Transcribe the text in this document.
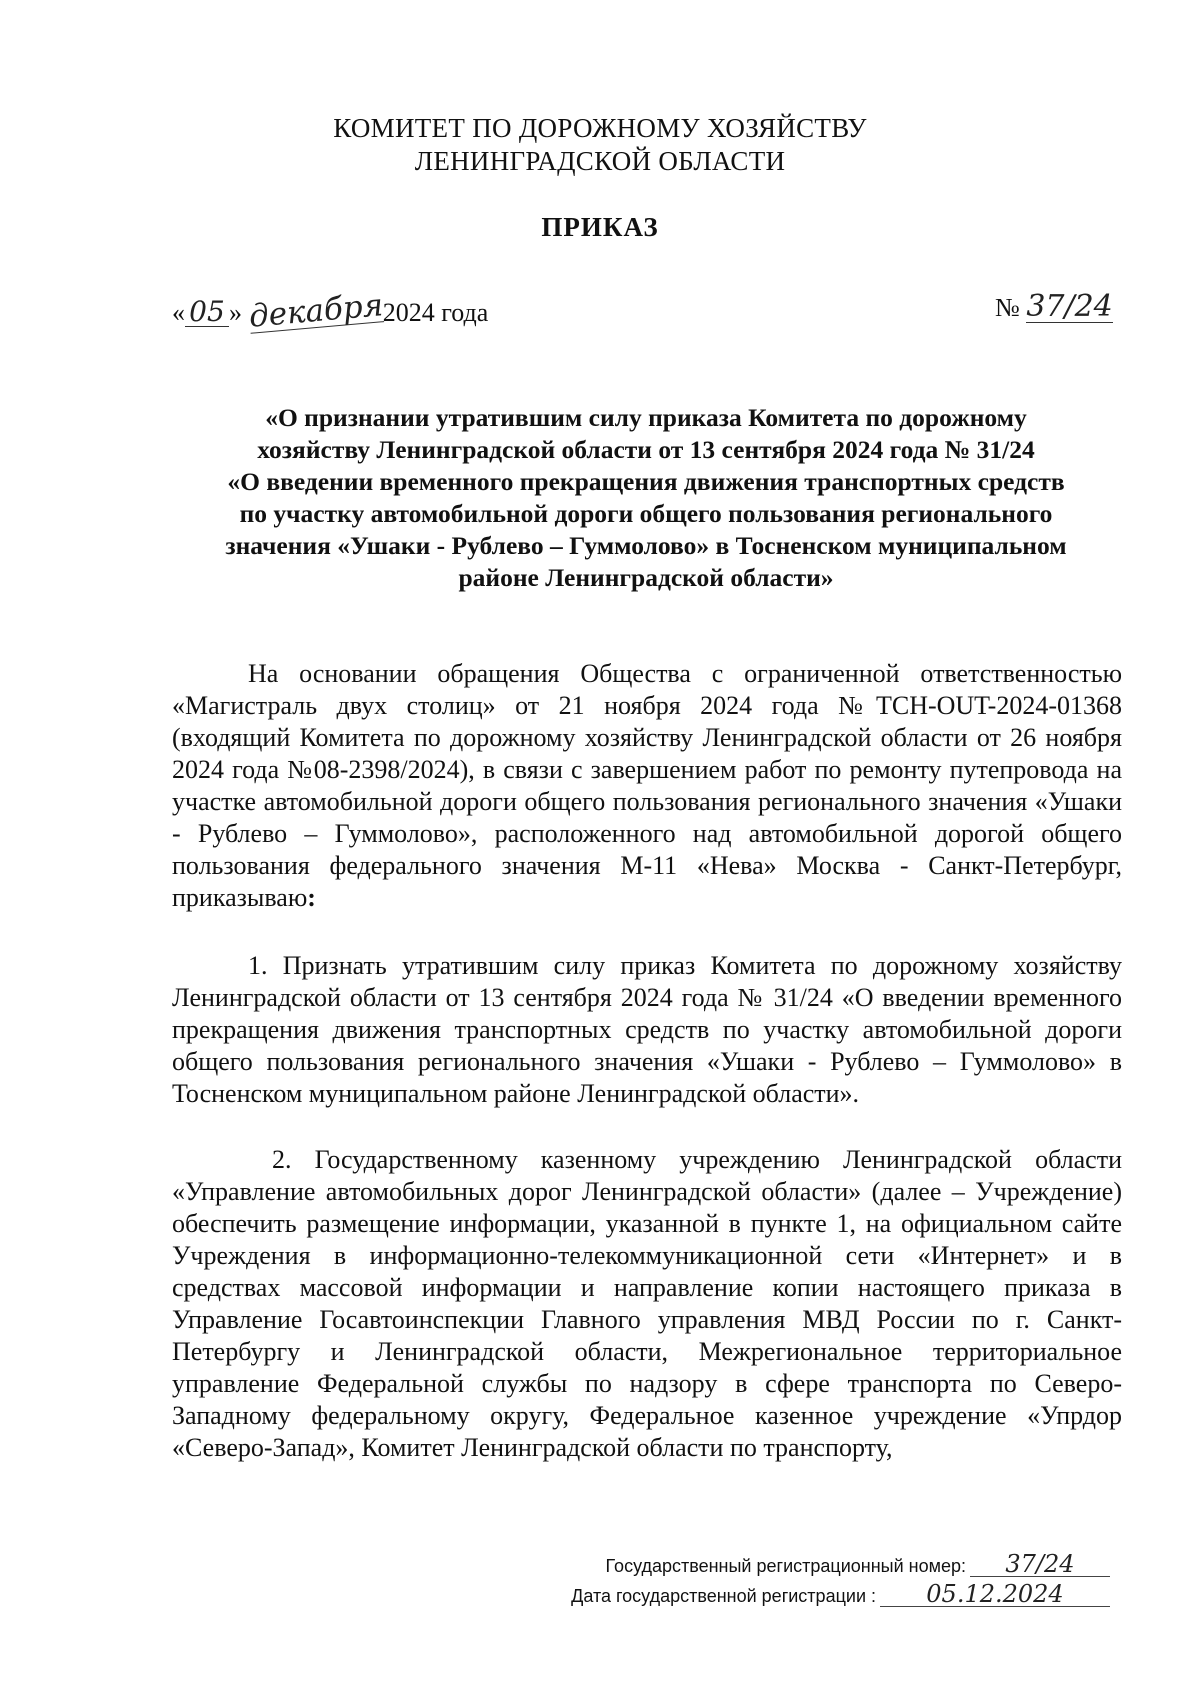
КОМИТЕТ ПО ДОРОЖНОМУ ХОЗЯЙСТВУ
ЛЕНИНГРАДСКОЙ ОБЛАСТИ
ПРИКАЗ
« 05 » декабря2024 года	№ 37/24
«О признании утратившим силу приказа Комитета по дорожному
хозяйству Ленинградской области от 13 сентября 2024 года № 31/24
«О введении временного прекращения движения транспортных средств
по участку автомобильной дороги общего пользования регионального
значения «Ушаки - Рублево – Гуммолово» в Тосненском муниципальном
районе Ленинградской области»

На основании обращения Общества с ограниченной ответственностью «Магистраль двух столиц» от 21 ноября 2024 года №TCH-OUT-2024-01368 (входящий Комитета по дорожному хозяйству Ленинградской области от 26 ноября 2024 года №08-2398/2024), в связи с завершением работ по ремонту путепровода на участке автомобильной дороги общего пользования регионального значения «Ушаки - Рублево – Гуммолово», расположенного над автомобильной дорогой общего пользования федерального значения М-11 «Нева» Москва - Санкт-Петербург, приказываю:

1. Признать утратившим силу приказ Комитета по дорожному хозяйству Ленинградской области от 13 сентября 2024 года № 31/24 «О введении временного прекращения движения транспортных средств по участку автомобильной дороги общего пользования регионального значения «Ушаки - Рублево – Гуммолово» в Тосненском муниципальном районе Ленинградской области».

2. Государственному казенному учреждению Ленинградской области «Управление автомобильных дорог Ленинградской области» (далее – Учреждение) обеспечить размещение информации, указанной в пункте 1, на официальном сайте Учреждения в информационно-телекоммуникационной сети «Интернет» и в средствах массовой информации и направление копии настоящего приказа в Управление Госавтоинспекции Главного управления МВД России по г. Санкт-Петербургу и Ленинградской области, Межрегиональное территориальное управление Федеральной службы по надзору в сфере транспорта по Северо-Западному федеральному округу, Федеральное казенное учреждение «Упрдор «Северо-Запад», Комитет Ленинградской области по транспорту,

Государственный регистрационный номер: 37/24
Дата государственной регистрации : 05.12.2024
